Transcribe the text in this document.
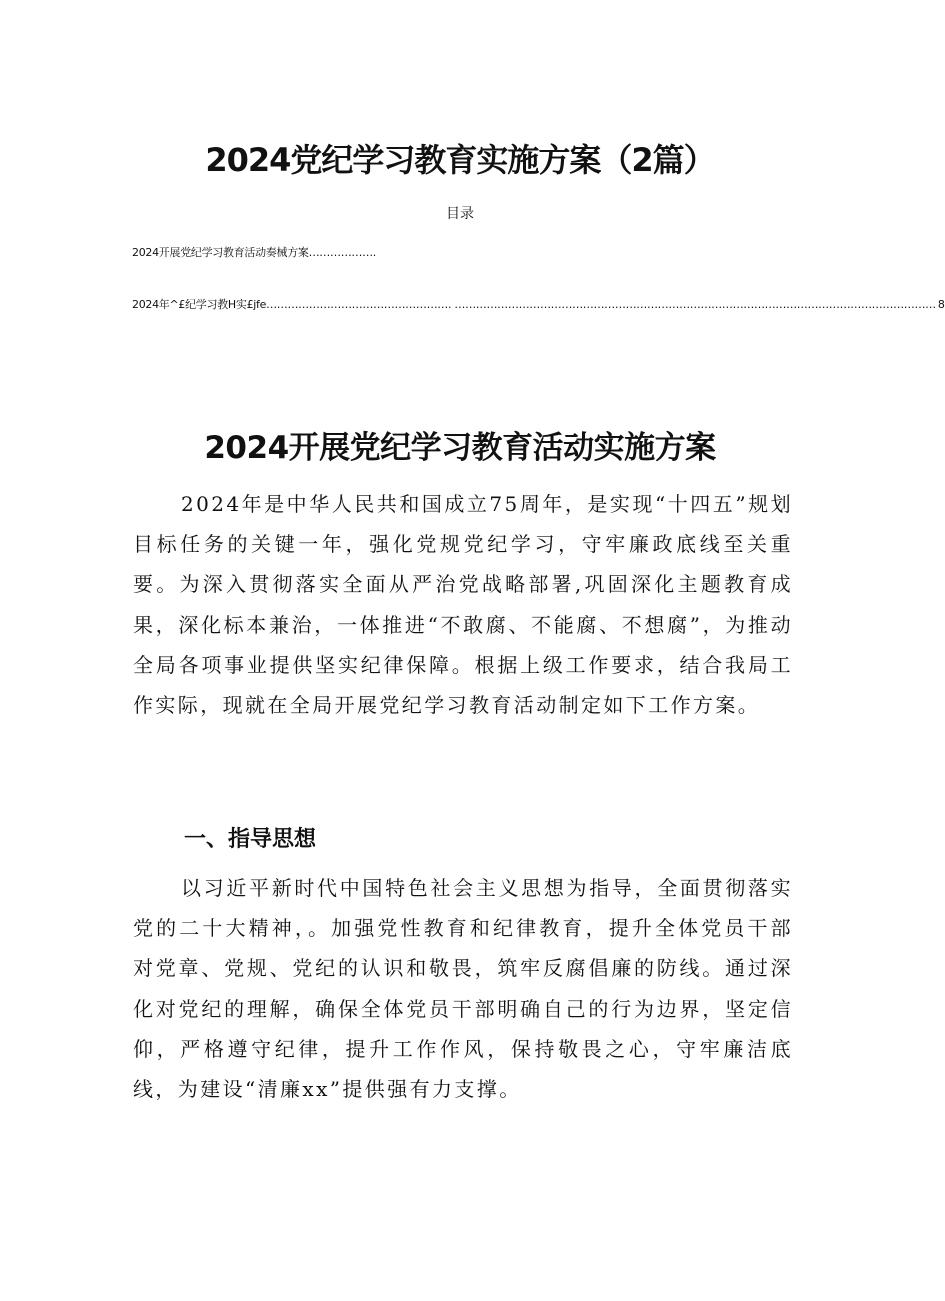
2024党纪学习教育实施方案（2篇）
目录
2024开展党纪学习教育活动奏械方案……………….
2024年^£纪学习教H实£jfe ……………………………………………. ……………………………………………………………………………………………………………………… 8
2024开展党纪学习教育活动实施方案

2024年是中华人民共和国成立75周年，是实现“十四五”规划目标任务的关键一年，强化党规党纪学习，守牢廉政底线至关重要。为深入贯彻落实全面从严治党战略部署,巩固深化主题教育成果，深化标本兼治，一体推进“不敢腐、不能腐、不想腐”，为推动全局各项事业提供坚实纪律保障。根据上级工作要求，结合我局工作实际，现就在全局开展党纪学习教育活动制定如下工作方案。

一、指导思想

以习近平新时代中国特色社会主义思想为指导，全面贯彻落实党的二十大精神，。加强党性教育和纪律教育，提升全体党员干部对党章、党规、党纪的认识和敬畏，筑牢反腐倡廉的防线。通过深化对党纪的理解，确保全体党员干部明确自己的行为边界，坚定信仰，严格遵守纪律，提升工作作风，保持敬畏之心，守牢廉洁底线，为建设“清廉xx”提供强有力支撑。
